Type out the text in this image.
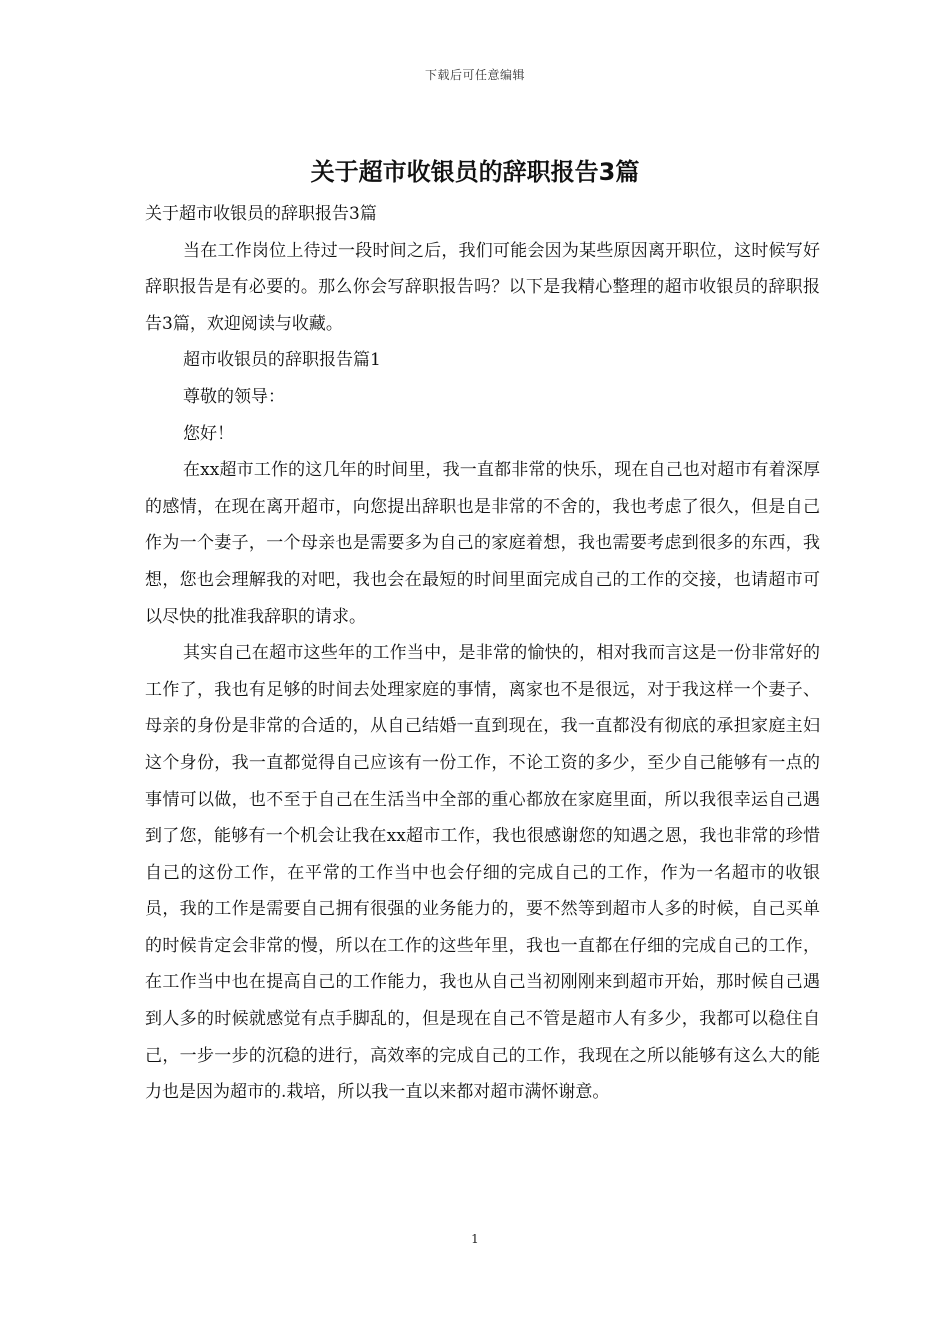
下载后可任意编辑
关于超市收银员的辞职报告3篇

关于超市收银员的辞职报告3篇

当在工作岗位上待过一段时间之后，我们可能会因为某些原因离开职位，这时候写好辞职报告是有必要的。那么你会写辞职报告吗？以下是我精心整理的超市收银员的辞职报告3篇，欢迎阅读与收藏。

超市收银员的辞职报告篇1

尊敬的领导：

您好！

在xx超市工作的这几年的时间里，我一直都非常的快乐，现在自己也对超市有着深厚的感情，在现在离开超市，向您提出辞职也是非常的不舍的，我也考虑了很久，但是自己作为一个妻子，一个母亲也是需要多为自己的家庭着想，我也需要考虑到很多的东西，我想，您也会理解我的对吧，我也会在最短的时间里面完成自己的工作的交接，也请超市可以尽快的批准我辞职的请求。

其实自己在超市这些年的工作当中，是非常的愉快的，相对我而言这是一份非常好的工作了，我也有足够的时间去处理家庭的事情，离家也不是很远，对于我这样一个妻子、母亲的身份是非常的合适的，从自己结婚一直到现在，我一直都没有彻底的承担家庭主妇这个身份，我一直都觉得自己应该有一份工作，不论工资的多少，至少自己能够有一点的事情可以做，也不至于自己在生活当中全部的重心都放在家庭里面，所以我很幸运自己遇到了您，能够有一个机会让我在xx超市工作，我也很感谢您的知遇之恩，我也非常的珍惜自己的这份工作，在平常的工作当中也会仔细的完成自己的工作，作为一名超市的收银员，我的工作是需要自己拥有很强的业务能力的，要不然等到超市人多的时候，自己买单的时候肯定会非常的慢，所以在工作的这些年里，我也一直都在仔细的完成自己的工作，在工作当中也在提高自己的工作能力，我也从自己当初刚刚来到超市开始，那时候自己遇到人多的时候就感觉有点手脚乱的，但是现在自己不管是超市人有多少，我都可以稳住自己，一步一步的沉稳的进行，高效率的完成自己的工作，我现在之所以能够有这么大的能力也是因为超市的.栽培，所以我一直以来都对超市满怀谢意。

1
